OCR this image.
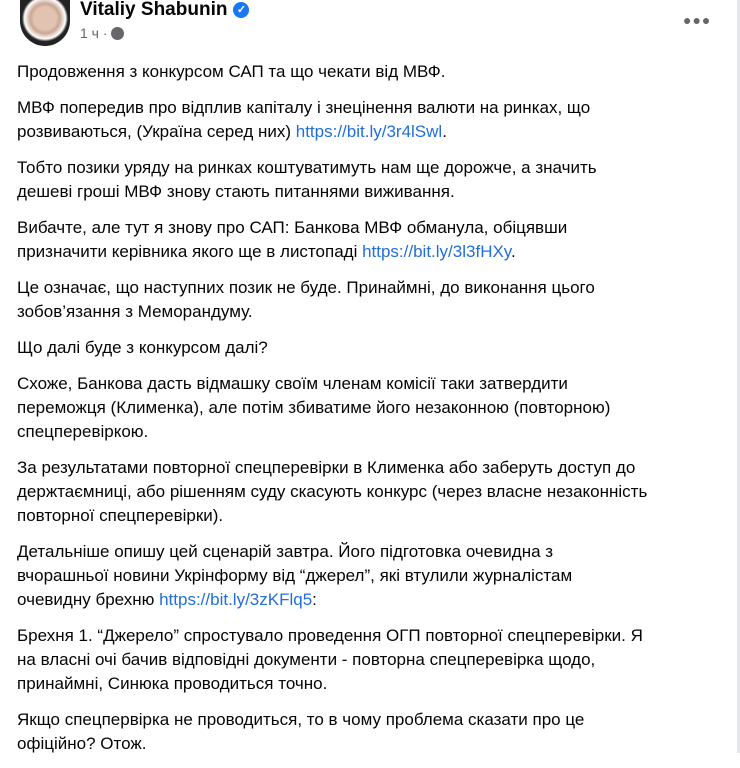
Vitaliy Shabunin ✓
1 ч ·
●●●
Продовження з конкурсом САП та що чекати від МВФ.
МВФ попередив про відплив капіталу і знецінення валюти на ринках, що
розвиваються, (Україна серед них) https://bit.ly/3r4lSwl.
Тобто позики уряду на ринках коштуватимуть нам ще дорожче, а значить
дешеві гроші МВФ знову стають питаннями виживання.
Вибачте, але тут я знову про САП: Банкова МВФ обманула, обіцявши
призначити керівника якого ще в листопаді https://bit.ly/3l3fHXy.
Це означає, що наступних позик не буде. Принаймні, до виконання цього
зобов’язання з Меморандуму.
Що далі буде з конкурсом далі?
Схоже, Банкова дасть відмашку своїм членам комісії таки затвердити
переможця (Клименка), але потім збиватиме його незаконною (повторною)
спецперевіркою.
За результатами повторної спецперевірки в Клименка або заберуть доступ до
держтаємниці, або рішенням суду скасують конкурс (через власне незаконність
повторної спецперевірки).
Детальніше опишу цей сценарій завтра. Його підготовка очевидна з
вчорашньої новини Укрінформу від “джерел”, які втулили журналістам
очевидну брехню https://bit.ly/3zKFlq5:
Брехня 1. “Джерело” спростувало проведення ОГП повторної спецперевірки. Я
на власні очі бачив відповідні документи - повторна спецперевірка щодо,
принаймні, Синюка проводиться точно.
Якщо спецпервірка не проводиться, то в чому проблема сказати про це
офіційно? Отож.
